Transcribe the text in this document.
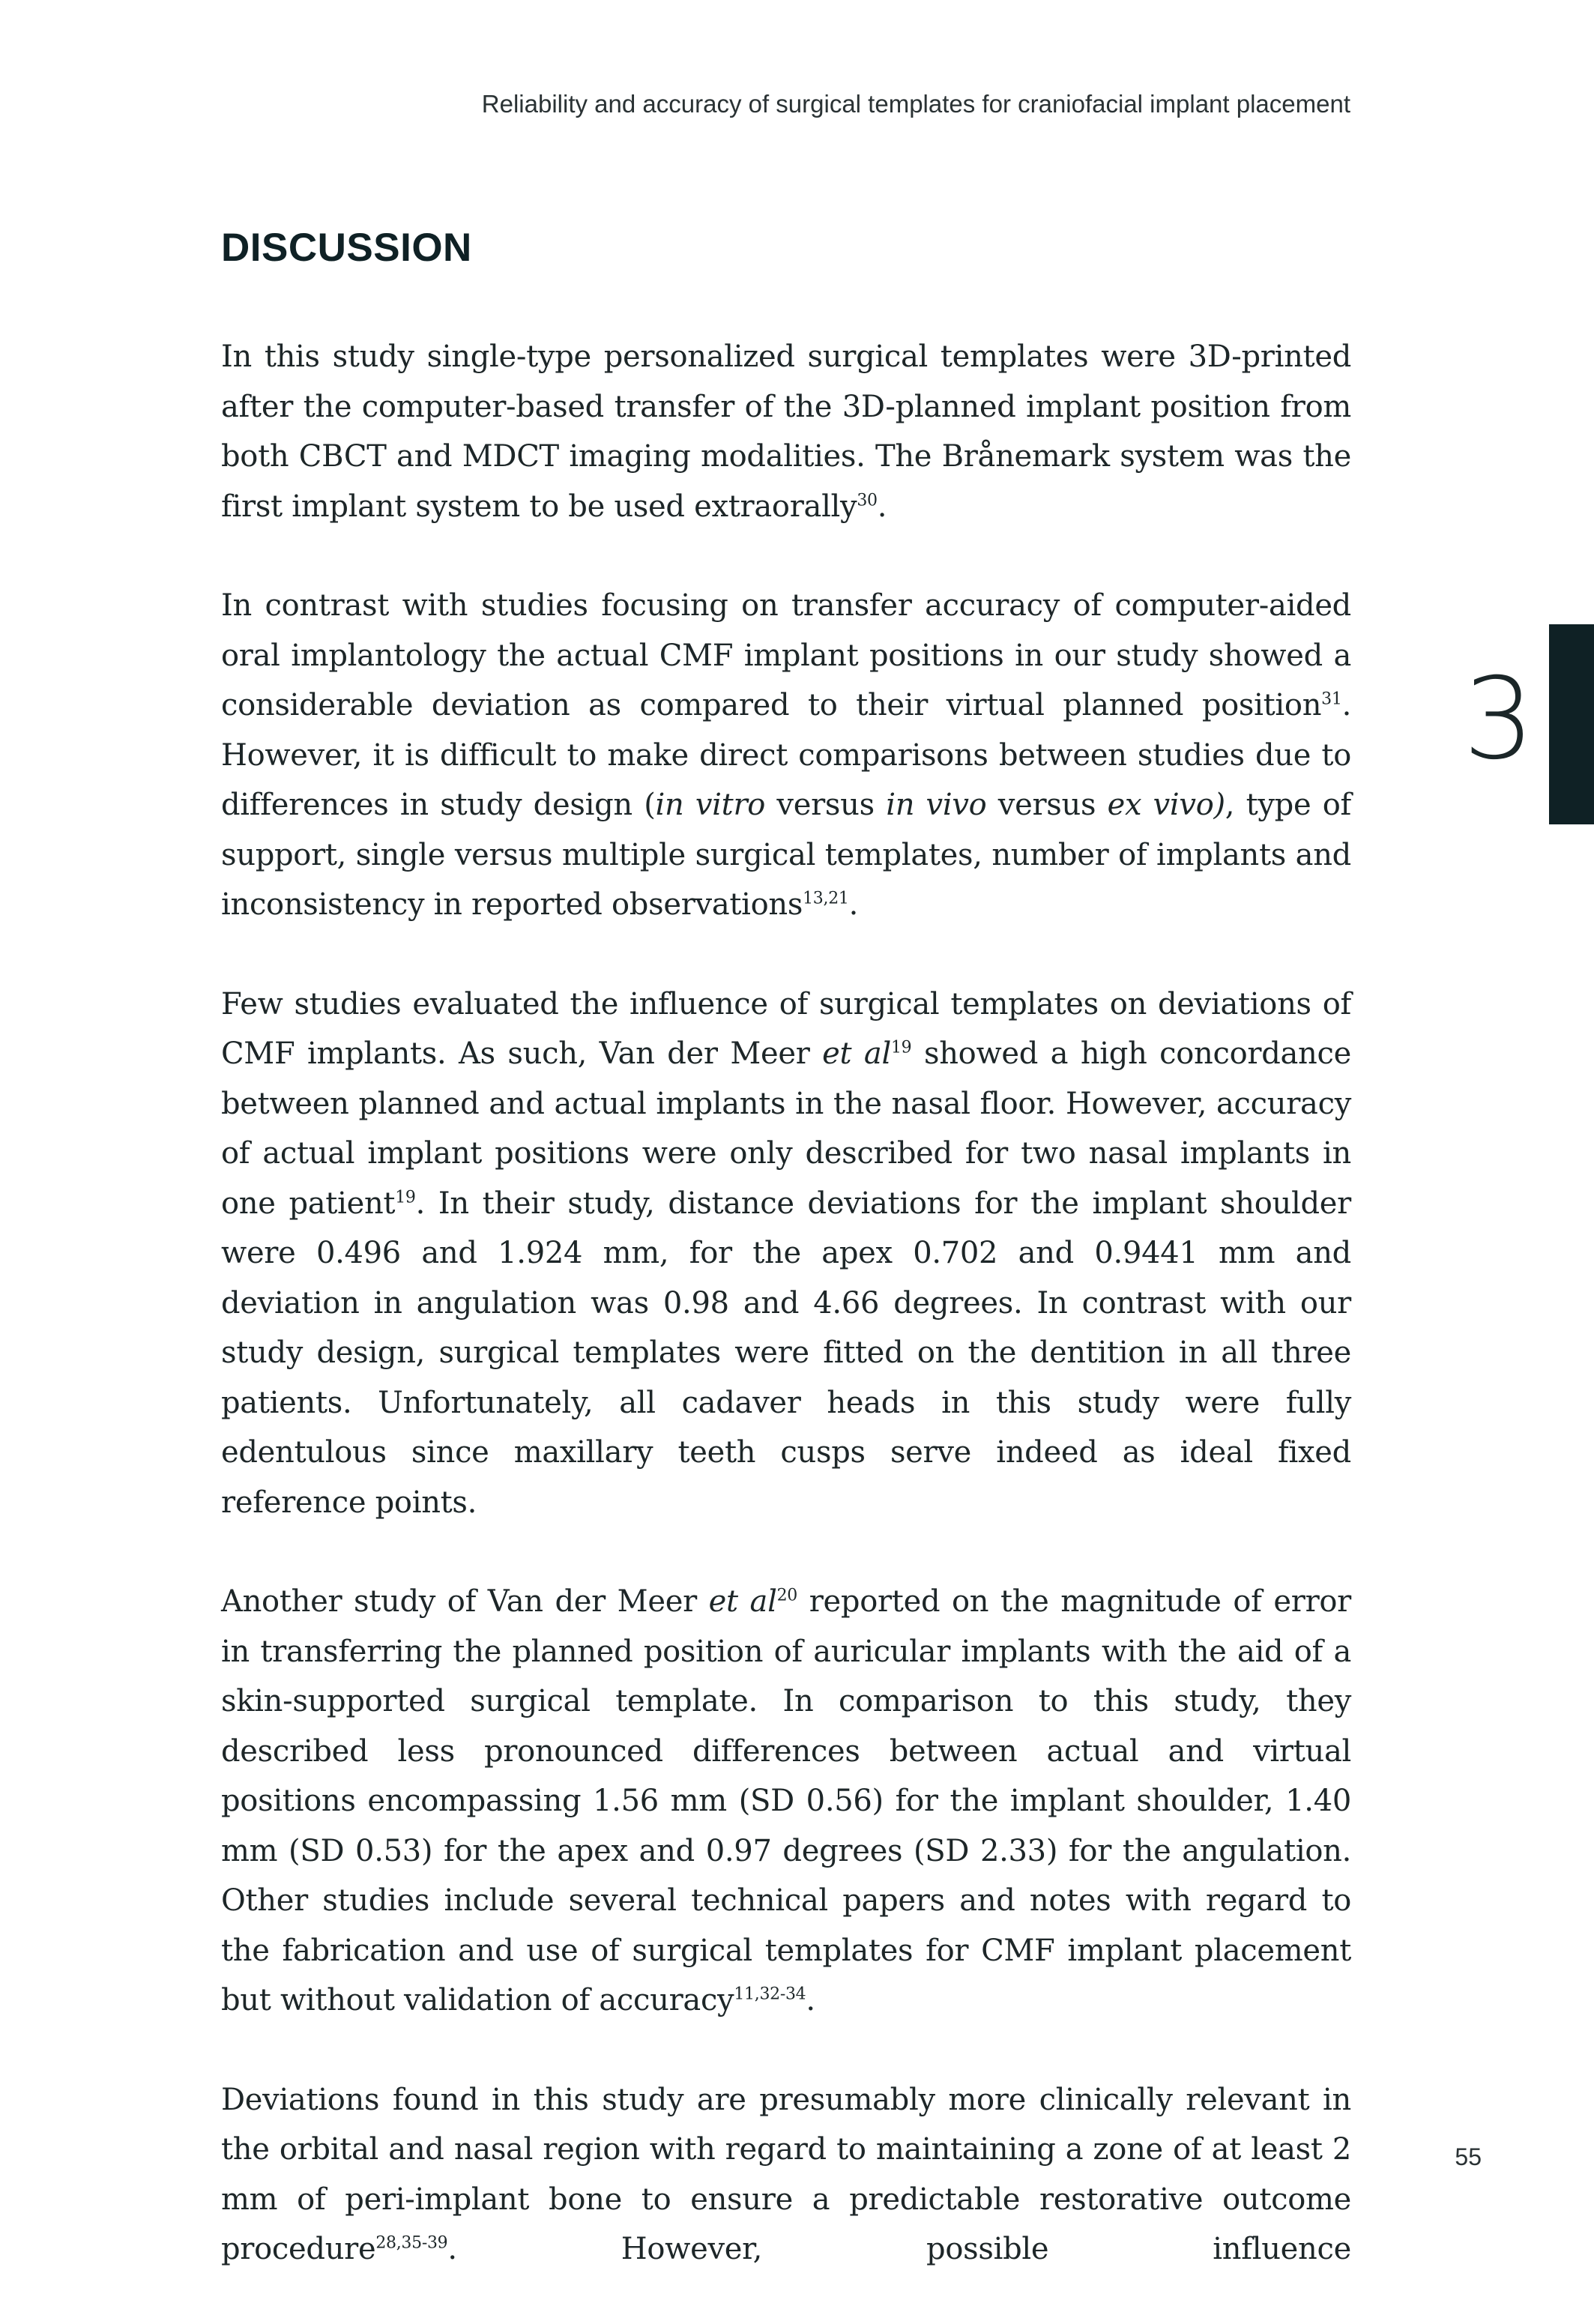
Reliability and accuracy of surgical templates for craniofacial implant placement
DISCUSSION

In this study single-type personalized surgical templates were 3D-printed after the computer-based transfer of the 3D-planned implant position from both CBCT and MDCT imaging modalities. The Brånemark system was the first implant system to be used extraorally$^{30}$.

In contrast with studies focusing on transfer accuracy of computer-aided oral implantology the actual CMF implant positions in our study showed a considerable deviation as compared to their virtual planned position$^{31}$. However, it is difficult to make direct comparisons between studies due to differences in study design (in vitro versus in vivo versus ex vivo), type of support, single versus multiple surgical templates, number of implants and inconsistency in reported observations$^{13,21}$.

Few studies evaluated the influence of surgical templates on deviations of CMF implants. As such, Van der Meer et $al^{19}$ showed a high concordance between planned and actual implants in the nasal floor. However, accuracy of actual implant positions were only described for two nasal implants in one patient$^{19}$. In their study, distance deviations for the implant shoulder were 0.496 and 1.924 mm, for the apex 0.702 and 0.9441 mm and deviation in angulation was 0.98 and 4.66 degrees. In contrast with our study design, surgical templates were fitted on the dentition in all three patients. Unfortunately, all cadaver heads in this study were fully edentulous since maxillary teeth cusps serve indeed as ideal fixed reference points.

Another study of Van der Meer et $al^{20}$ reported on the magnitude of error in transferring the planned position of auricular implants with the aid of a skin-supported surgical template. In comparison to this study, they described less pronounced differences between actual and virtual positions encompassing 1.56 mm (SD 0.56) for the implant shoulder, 1.40 mm (SD 0.53) for the apex and 0.97 degrees (SD 2.33) for the angulation. Other studies include several technical papers and notes with regard to the fabrication and use of surgical templates for CMF implant placement but without validation of accuracy$^{11,32-34}$.

Deviations found in this study are presumably more clinically relevant in the orbital and nasal region with regard to maintaining a zone of at least 2 mm of peri-implant bone to ensure a predictable restorative outcome procedure$^{28,35-39}$. However, possible influence

3
55
